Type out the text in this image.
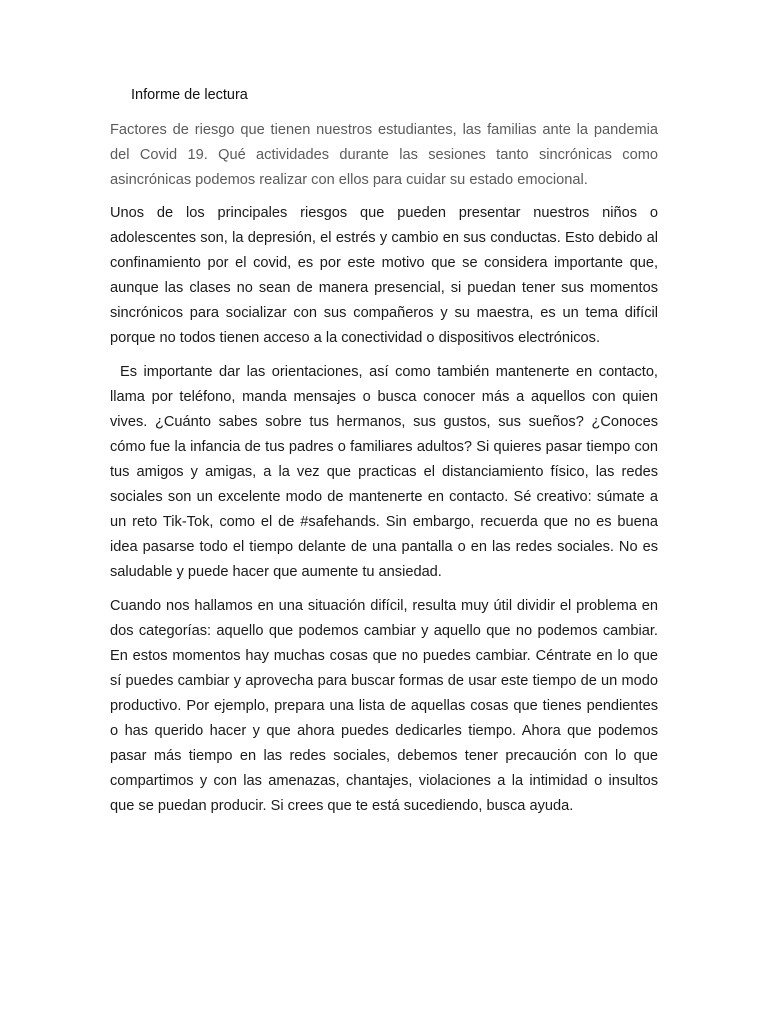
Informe de lectura

Factores de riesgo que tienen nuestros estudiantes, las familias ante la pandemia del Covid 19. Qué actividades durante las sesiones tanto sincrónicas como asincrónicas podemos realizar con ellos para cuidar su estado emocional.

Unos de los principales riesgos que pueden presentar nuestros niños o adolescentes son, la depresión, el estrés y cambio en sus conductas. Esto debido al confinamiento por el covid, es por este motivo que se considera importante que, aunque las clases no sean de manera presencial, si puedan tener sus momentos sincrónicos para socializar con sus compañeros y su maestra, es un tema difícil porque no todos tienen acceso a la conectividad o dispositivos electrónicos.

Es importante dar las orientaciones, así como también mantenerte en contacto, llama por teléfono, manda mensajes o busca conocer más a aquellos con quien vives. ¿Cuánto sabes sobre tus hermanos, sus gustos, sus sueños? ¿Conoces cómo fue la infancia de tus padres o familiares adultos? Si quieres pasar tiempo con tus amigos y amigas, a la vez que practicas el distanciamiento físico, las redes sociales son un excelente modo de mantenerte en contacto. Sé creativo: súmate a un reto Tik-Tok, como el de #safehands. Sin embargo, recuerda que no es buena idea pasarse todo el tiempo delante de una pantalla o en las redes sociales. No es saludable y puede hacer que aumente tu ansiedad.

Cuando nos hallamos en una situación difícil, resulta muy útil dividir el problema en dos categorías: aquello que podemos cambiar y aquello que no podemos cambiar. En estos momentos hay muchas cosas que no puedes cambiar. Céntrate en lo que sí puedes cambiar y aprovecha para buscar formas de usar este tiempo de un modo productivo. Por ejemplo, prepara una lista de aquellas cosas que tienes pendientes o has querido hacer y que ahora puedes dedicarles tiempo. Ahora que podemos pasar más tiempo en las redes sociales, debemos tener precaución con lo que compartimos y con las amenazas, chantajes, violaciones a la intimidad o insultos que se puedan producir. Si crees que te está sucediendo, busca ayuda.
